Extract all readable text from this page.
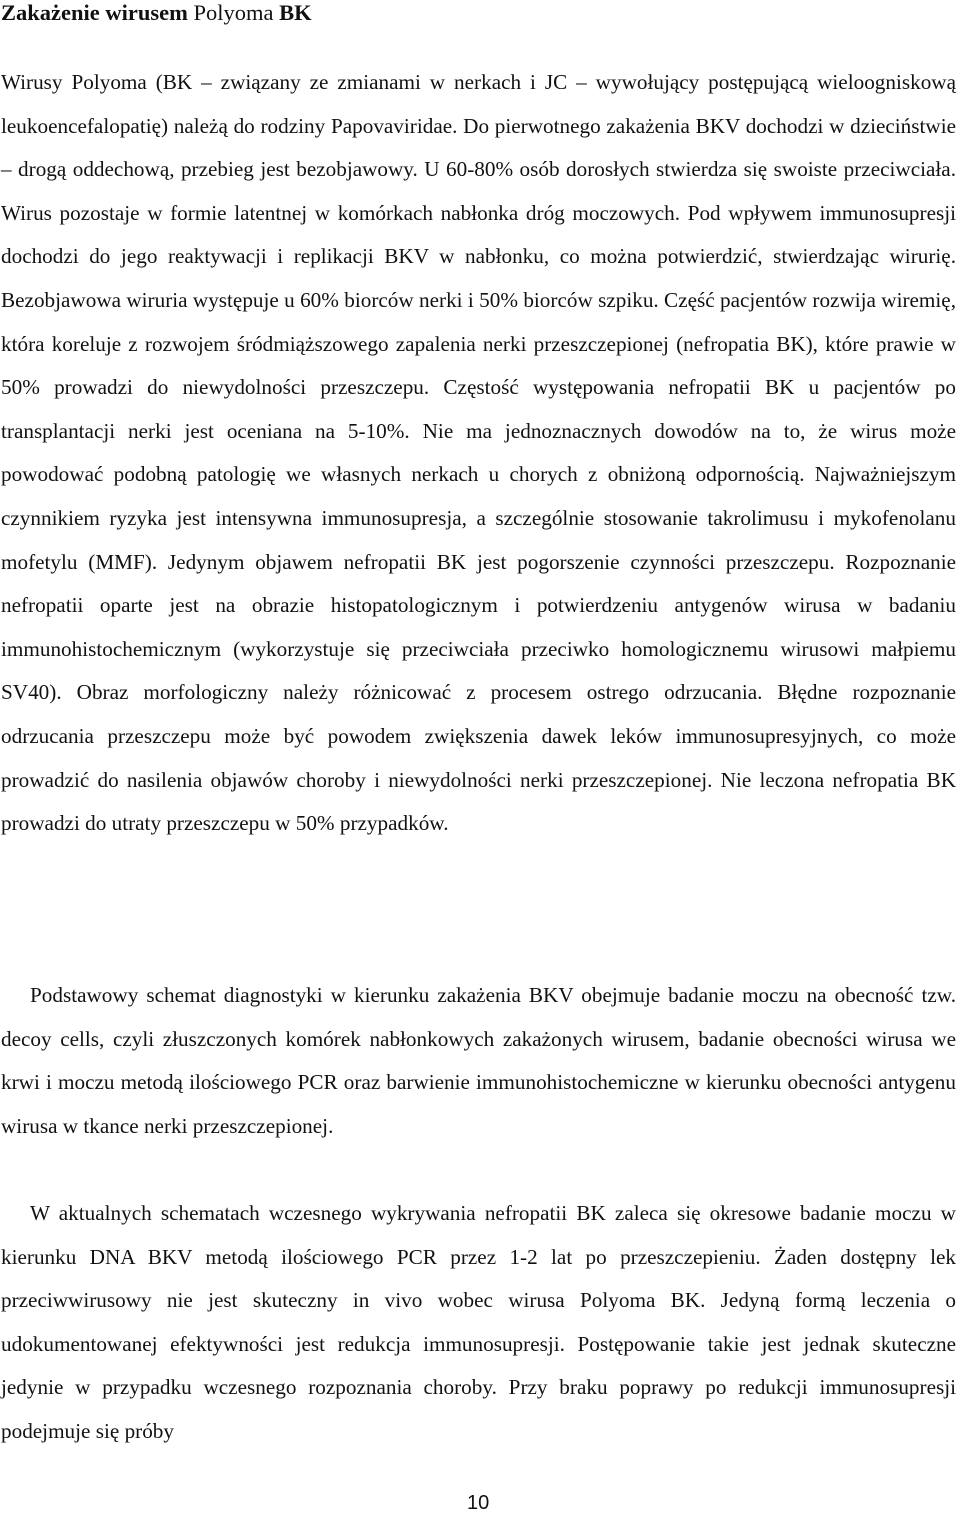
Zakażenie wirusem Polyoma BK

Wirusy Polyoma (BK – związany ze zmianami w nerkach i JC – wywołujący postępującą wieloogniskową leukoencefalopatię) należą do rodziny Papovaviridae. Do pierwotnego zakażenia BKV dochodzi w dzieciństwie – drogą oddechową, przebieg jest bezobjawowy. U 60-80% osób dorosłych stwierdza się swoiste przeciwciała. Wirus pozostaje w formie latentnej w komórkach nabłonka dróg moczowych. Pod wpływem immunosupresji dochodzi do jego reaktywacji i replikacji BKV w nabłonku, co można potwierdzić, stwierdzając wirurię. Bezobjawowa wiruria występuje u 60% biorców nerki i 50% biorców szpiku. Część pacjentów rozwija wiremię, która koreluje z rozwojem śródmiąższowego zapalenia nerki przeszczepionej (nefropatia BK), które prawie w 50% prowadzi do niewydolności przeszczepu. Częstość występowania nefropatii BK u pacjentów po transplantacji nerki jest oceniana na 5-10%. Nie ma jednoznacznych dowodów na to, że wirus może powodować podobną patologię we własnych nerkach u chorych z obniżoną odpornością. Najważniejszym czynnikiem ryzyka jest intensywna immunosupresja, a szczególnie stosowanie takrolimusu i mykofenolanu mofetylu (MMF). Jedynym objawem nefropatii BK jest pogorszenie czynności przeszczepu. Rozpoznanie nefropatii oparte jest na obrazie histopatologicznym i potwierdzeniu antygenów wirusa w badaniu immunohistochemicznym (wykorzystuje się przeciwciała przeciwko homologicznemu wirusowi małpiemu SV40). Obraz morfologiczny należy różnicować z procesem ostrego odrzucania. Błędne rozpoznanie odrzucania przeszczepu może być powodem zwiększenia dawek leków immunosupresyjnych, co może prowadzić do nasilenia objawów choroby i niewydolności nerki przeszczepionej. Nie leczona nefropatia BK prowadzi do utraty przeszczepu w 50% przypadków.

Podstawowy schemat diagnostyki w kierunku zakażenia BKV obejmuje badanie moczu na obecność tzw. decoy cells, czyli złuszczonych komórek nabłonkowych zakażonych wirusem, badanie obecności wirusa we krwi i moczu metodą ilościowego PCR oraz barwienie immunohistochemiczne w kierunku obecności antygenu wirusa w tkance nerki przeszczepionej.

W aktualnych schematach wczesnego wykrywania nefropatii BK zaleca się okresowe badanie moczu w kierunku DNA BKV metodą ilościowego PCR przez 1-2 lat po przeszczepieniu. Żaden dostępny lek przeciwwirusowy nie jest skuteczny in vivo wobec wirusa Polyoma BK. Jedyną formą leczenia o udokumentowanej efektywności jest redukcja immunosupresji. Postępowanie takie jest jednak skuteczne jedynie w przypadku wczesnego rozpoznania choroby. Przy braku poprawy po redukcji immunosupresji podejmuje się próby

10
